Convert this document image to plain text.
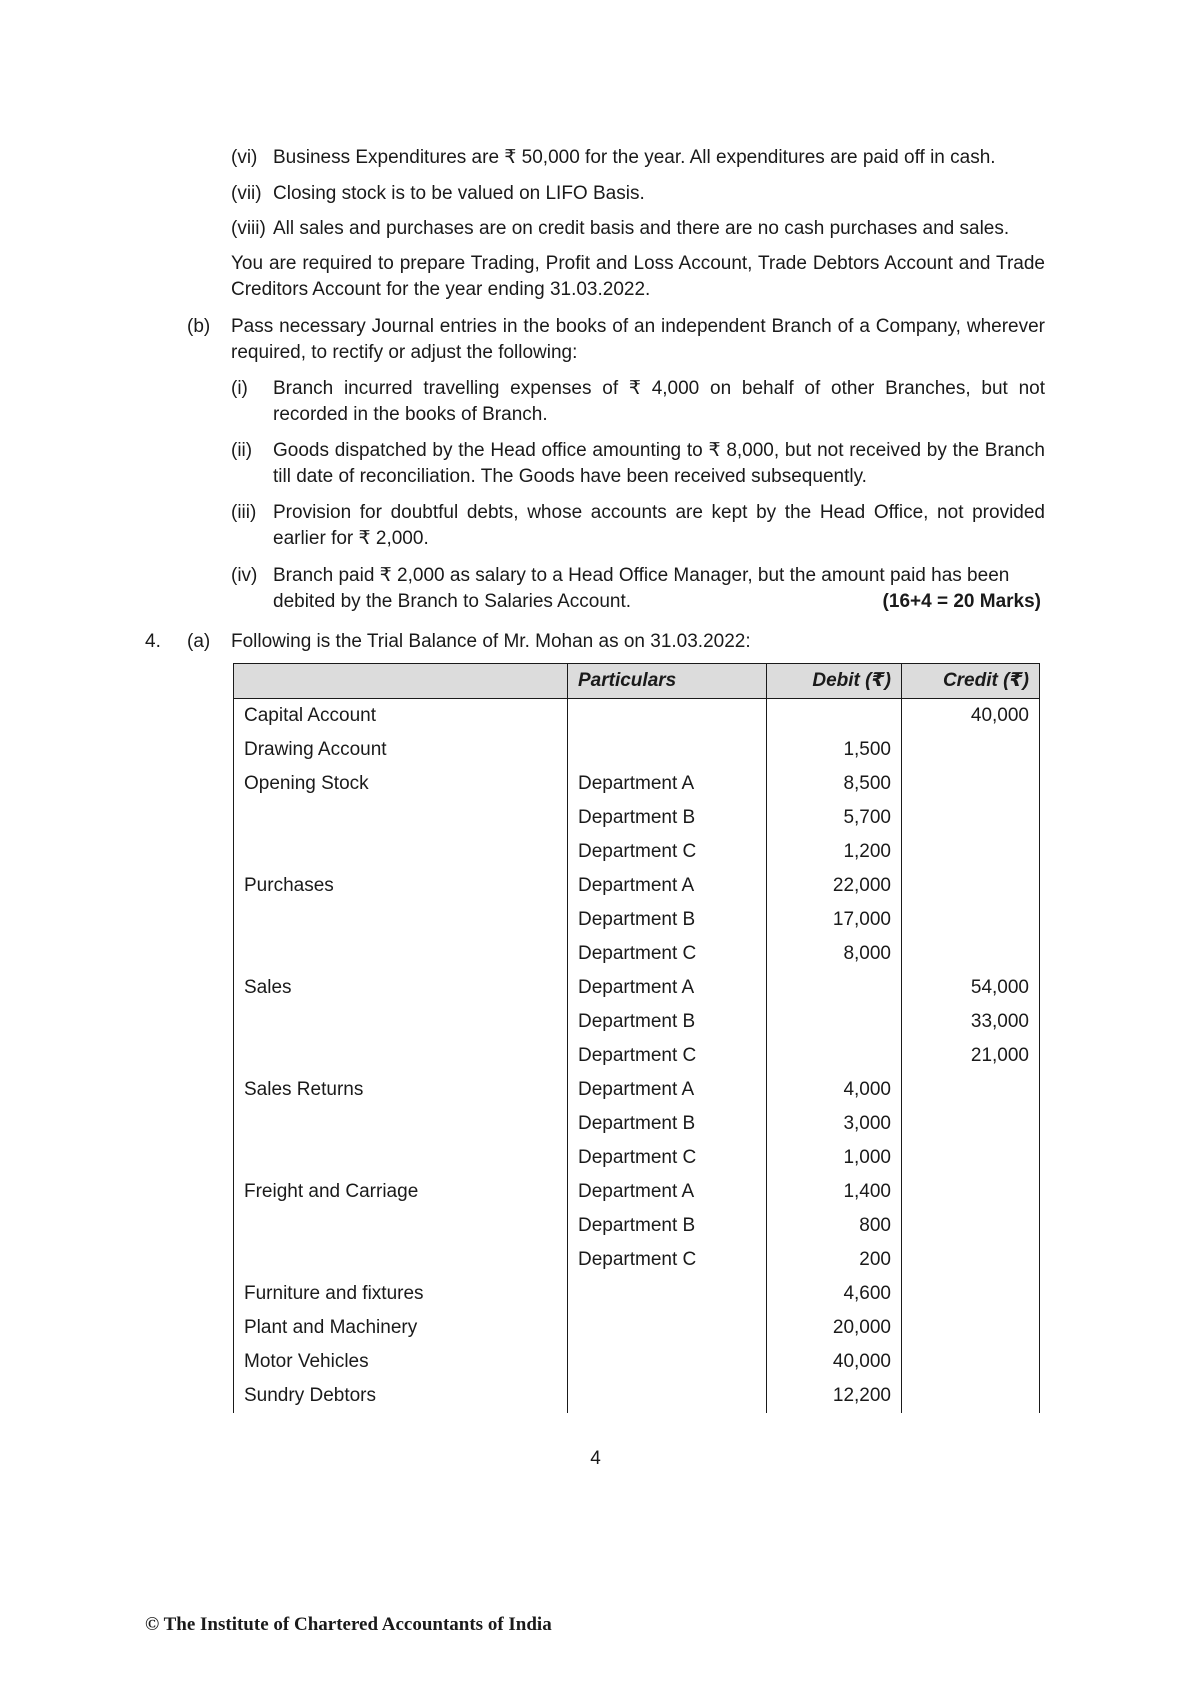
(vi) Business Expenditures are ₹ 50,000 for the year. All expenditures are paid off in cash.
(vii) Closing stock is to be valued on LIFO Basis.
(viii) All sales and purchases are on credit basis and there are no cash purchases and sales.
You are required to prepare Trading, Profit and Loss Account, Trade Debtors Account and Trade Creditors Account for the year ending 31.03.2022.
(b) Pass necessary Journal entries in the books of an independent Branch of a Company, wherever required, to rectify or adjust the following:
(i)	Branch incurred travelling expenses of ₹ 4,000 on behalf of other Branches, but not recorded in the books of Branch.
(ii)	Goods dispatched by the Head office amounting to ₹ 8,000, but not received by the Branch till date of reconciliation. The Goods have been received subsequently.
(iii) Provision for doubtful debts, whose accounts are kept by the Head Office, not provided earlier for ₹ 2,000.
(iv) Branch paid ₹ 2,000 as salary to a Head Office Manager, but the amount paid has been
debited by the Branch to Salaries Account.	(16+4 = 20 Marks)
4. (a) Following is the Trial Balance of Mr. Mohan as on 31.03.2022:
	Particulars	Debit (₹)	Credit (₹)
Capital Account			40,000
Drawing Account		1,500	
Opening Stock	Department A	8,500	
	Department B	5,700	
	Department C	1,200	
Purchases	Department A	22,000	
	Department B	17,000	
	Department C	8,000	
Sales	Department A		54,000
	Department B		33,000
	Department C		21,000
Sales Returns	Department A	4,000	
	Department B	3,000	
	Department C	1,000	
Freight and Carriage	Department A	1,400	
	Department B	800	
	Department C	200	
Furniture and fixtures		4,600	
Plant and Machinery		20,000	
Motor Vehicles		40,000	
Sundry Debtors		12,200	
4
© The Institute of Chartered Accountants of India
